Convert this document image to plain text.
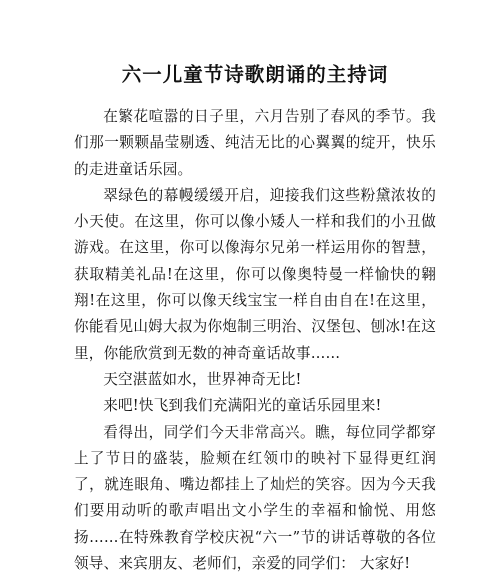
六一儿童节诗歌朗诵的主持词

在繁花喧嚣的日子里，六月告别了春风的季节。我们那一颗颗晶莹剔透、纯洁无比的心翼翼的绽开，快乐的走进童话乐园。

翠绿色的幕幔缓缓开启，迎接我们这些粉黛浓妆的小天使。在这里，你可以像小矮人一样和我们的小丑做游戏。在这里，你可以像海尔兄弟一样运用你的智慧，获取精美礼品!在这里，你可以像奥特曼一样愉快的翱翔!在这里，你可以像天线宝宝一样自由自在!在这里，你能看见山姆大叔为你炮制三明治、汉堡包、刨冰!在这里，你能欣赏到无数的神奇童话故事……

天空湛蓝如水，世界神奇无比!

来吧!快飞到我们充满阳光的童话乐园里来!

看得出，同学们今天非常高兴。瞧，每位同学都穿上了节日的盛装，脸颊在红领巾的映衬下显得更红润了，就连眼角、嘴边都挂上了灿烂的笑容。因为今天我们要用动听的歌声唱出文小学生的幸福和愉悦、用悠扬……在特殊教育学校庆祝“六一”节的讲话尊敬的各位领导、来宾朋友、老师们，亲爱的同学们： 大家好!
